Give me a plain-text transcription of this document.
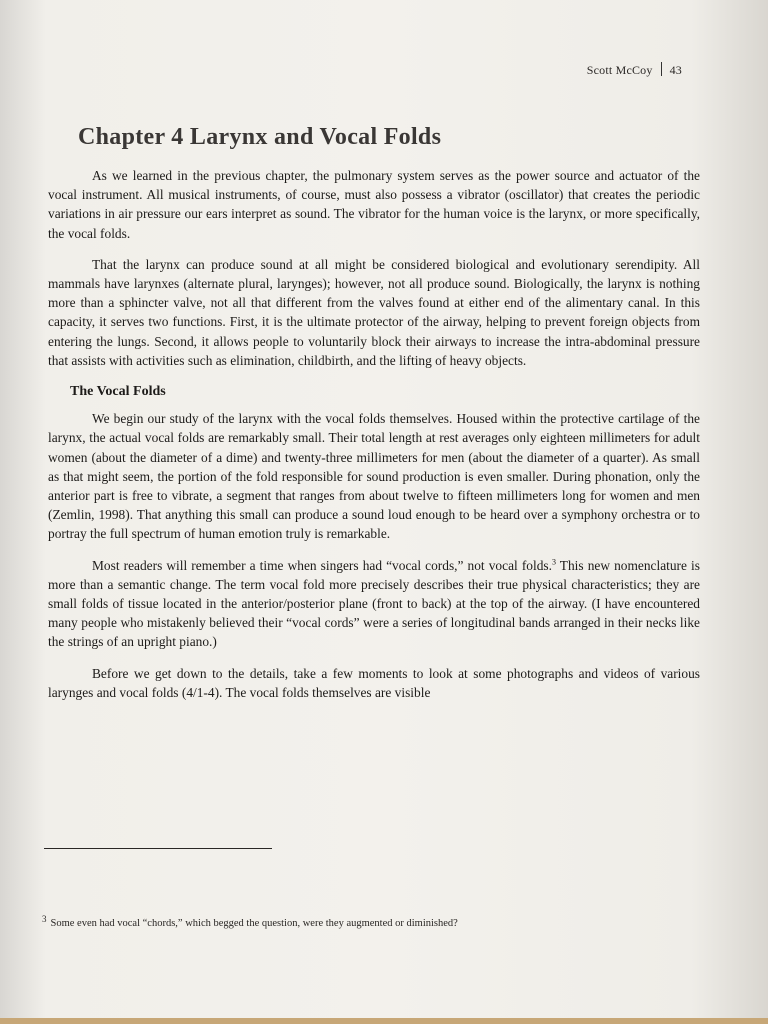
Scott McCoy 43
Chapter 4 Larynx and Vocal Folds

As we learned in the previous chapter, the pulmonary system serves as the power source and actuator of the vocal instrument. All musical instruments, of course, must also possess a vibrator (oscillator) that creates the periodic variations in air pressure our ears interpret as sound. The vibrator for the human voice is the larynx, or more specifically, the vocal folds.

That the larynx can produce sound at all might be considered biological and evolutionary serendipity. All mammals have larynxes (alternate plural, larynges); however, not all produce sound. Biologically, the larynx is nothing more than a sphincter valve, not all that different from the valves found at either end of the alimentary canal. In this capacity, it serves two functions. First, it is the ultimate protector of the airway, helping to prevent foreign objects from entering the lungs. Second, it allows people to voluntarily block their airways to increase the intra-abdominal pressure that assists with activities such as elimination, childbirth, and the lifting of heavy objects.

The Vocal Folds

We begin our study of the larynx with the vocal folds themselves. Housed within the protective cartilage of the larynx, the actual vocal folds are remarkably small. Their total length at rest averages only eighteen millimeters for adult women (about the diameter of a dime) and twenty-three millimeters for men (about the diameter of a quarter). As small as that might seem, the portion of the fold responsible for sound production is even smaller. During phonation, only the anterior part is free to vibrate, a segment that ranges from about twelve to fifteen millimeters long for women and men (Zemlin, 1998). That anything this small can produce a sound loud enough to be heard over a symphony orchestra or to portray the full spectrum of human emotion truly is remarkable.

Most readers will remember a time when singers had “vocal cords,” not vocal folds.$^3$ This new nomenclature is more than a semantic change. The term vocal fold more precisely describes their true physical characteristics; they are small folds of tissue located in the anterior/posterior plane (front to back) at the top of the airway. (I have encountered many people who mistakenly believed their “vocal cords” were a series of longitudinal bands arranged in their necks like the strings of an upright piano.)

Before we get down to the details, take a few moments to look at some photographs and videos of various larynges and vocal folds (4/1-4). The vocal folds themselves are visible

$^3$ Some even had vocal “chords,” which begged the question, were they augmented or diminished?
